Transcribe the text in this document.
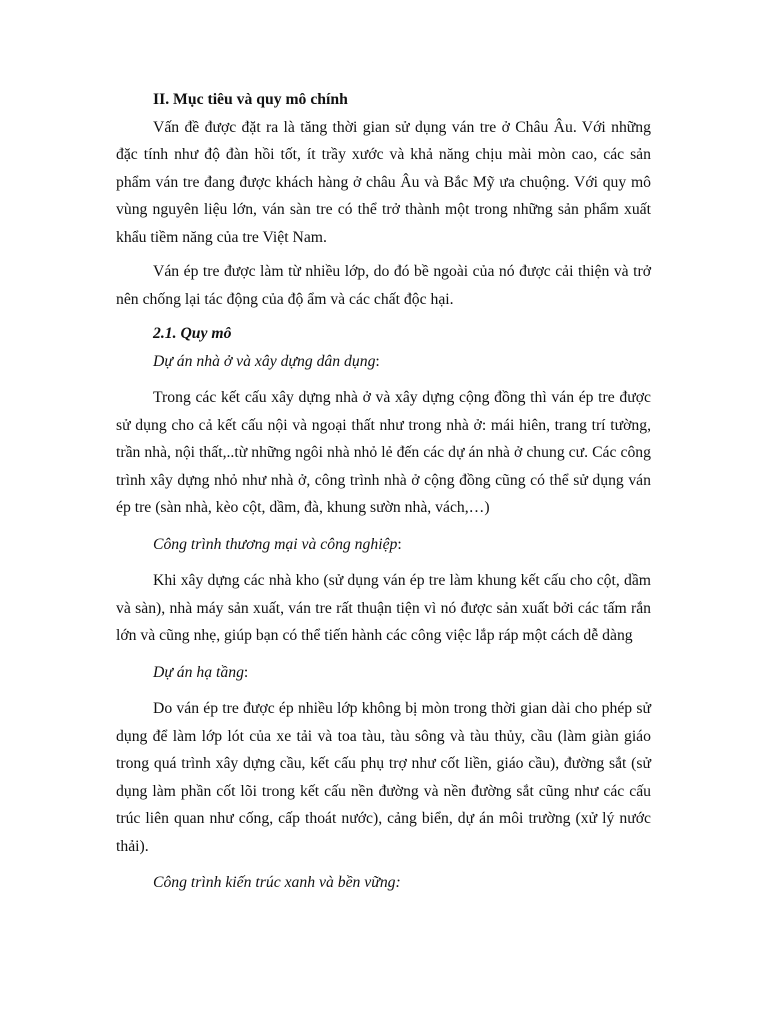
II. Mục tiêu và quy mô chính

Vấn đề được đặt ra là tăng thời gian sử dụng ván tre ở Châu Âu. Với những đặc tính như độ đàn hồi tốt, ít trầy xước và khả năng chịu mài mòn cao, các sản phẩm ván tre đang được khách hàng ở châu Âu và Bắc Mỹ ưa chuộng. Với quy mô vùng nguyên liệu lớn, ván sàn tre có thể trở thành một trong những sản phẩm xuất khẩu tiềm năng của tre Việt Nam.

Ván ép tre được làm từ nhiều lớp, do đó bề ngoài của nó được cải thiện và trở nên chống lại tác động của độ ẩm và các chất độc hại.

2.1. Quy mô

Dự án nhà ở và xây dựng dân dụng:

Trong các kết cấu xây dựng nhà ở và xây dựng cộng đồng thì ván ép tre được sử dụng cho cả kết cấu nội và ngoại thất như trong nhà ở: mái hiên, trang trí tường, trần nhà, nội thất,..từ những ngôi nhà nhỏ lẻ đến các dự án nhà ở chung cư. Các công trình xây dựng nhỏ như nhà ở, công trình nhà ở cộng đồng cũng có thể sử dụng ván ép tre (sàn nhà, kèo cột, dầm, đà, khung sườn nhà, vách,…)

Công trình thương mại và công nghiệp:

Khi xây dựng các nhà kho (sử dụng ván ép tre làm khung kết cấu cho cột, dầm và sàn), nhà máy sản xuất, ván tre rất thuận tiện vì nó được sản xuất bởi các tấm rắn lớn và cũng nhẹ, giúp bạn có thể tiến hành các công việc lắp ráp một cách dễ dàng

Dự án hạ tầng:

Do ván ép tre được ép nhiều lớp không bị mòn trong thời gian dài cho phép sử dụng để làm lớp lót của xe tải và toa tàu, tàu sông và tàu thủy, cầu (làm giàn giáo trong quá trình xây dựng cầu, kết cấu phụ trợ như cốt liền, giáo cầu), đường sắt (sử dụng làm phần cốt lõi trong kết cấu nền đường và nền đường sắt cũng như các cấu trúc liên quan như cống, cấp thoát nước), cảng biển, dự án môi trường (xử lý nước thải).

Công trình kiến trúc xanh và bền vững:
